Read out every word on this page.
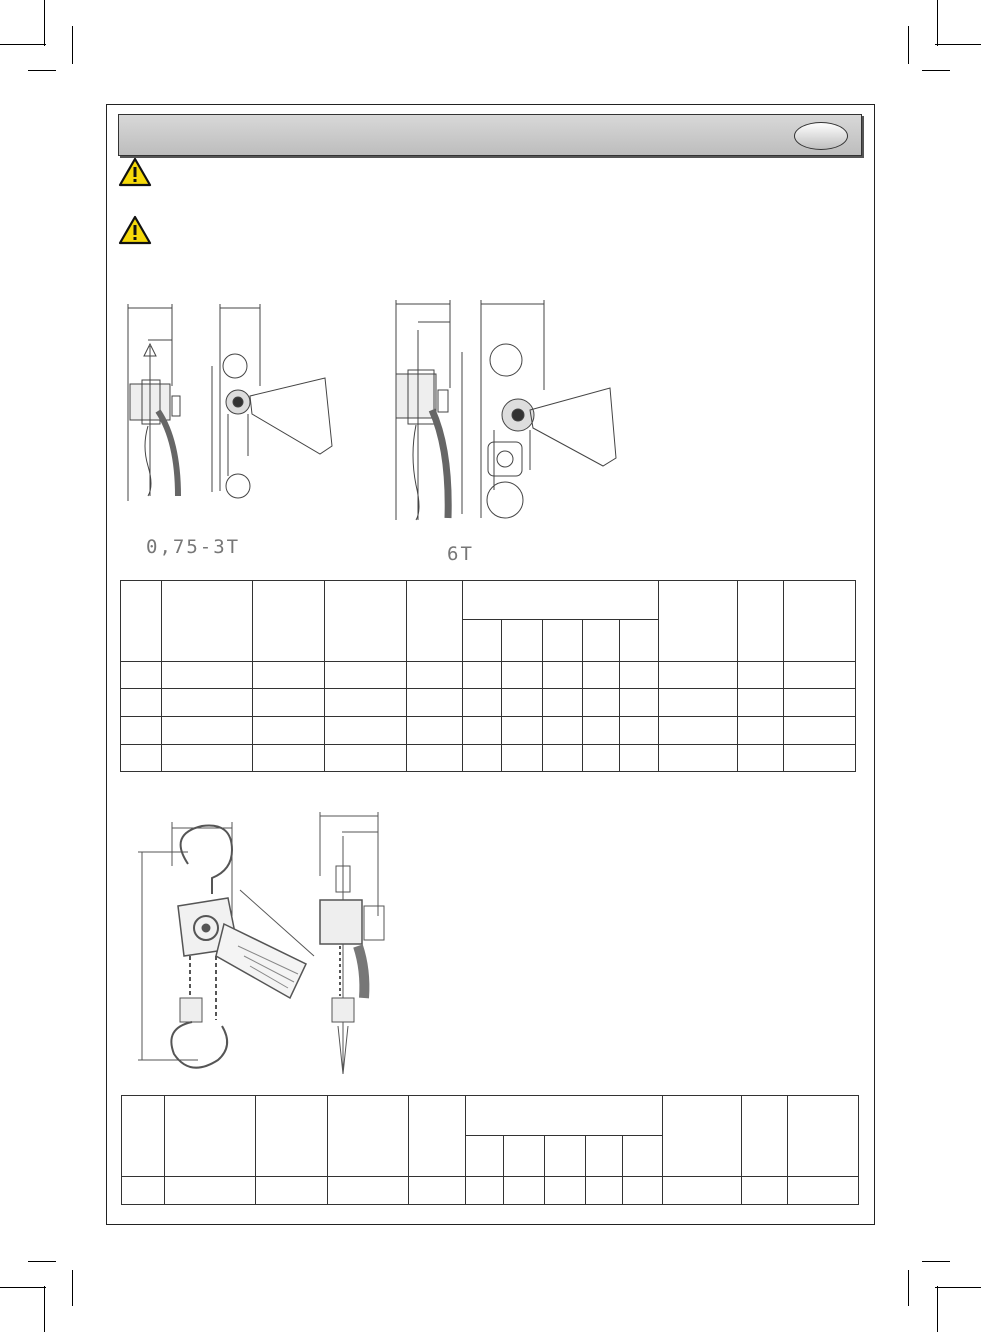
0,75-3T	6T
